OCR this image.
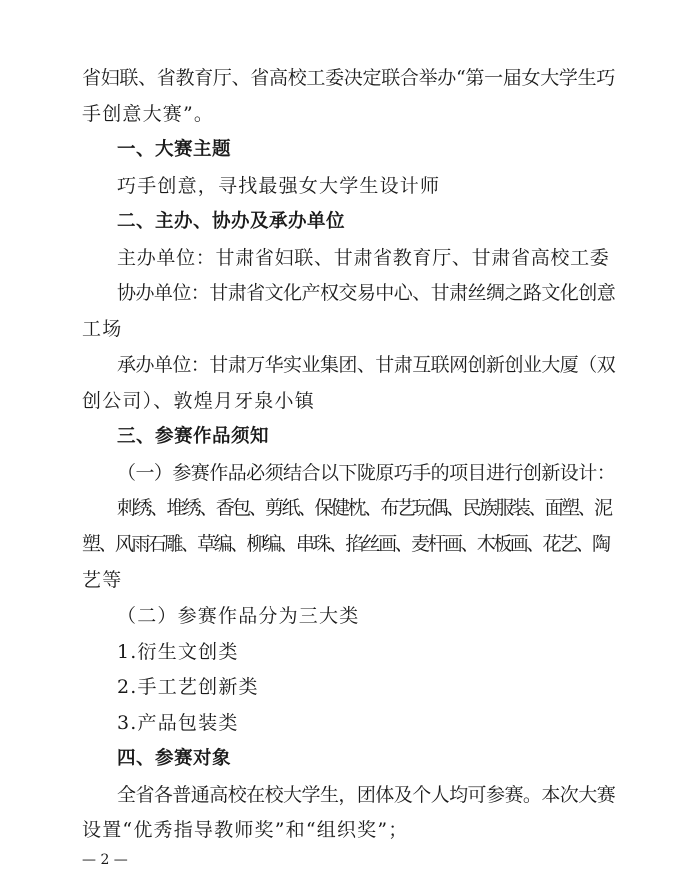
省妇联、省教育厅、省高校工委决定联合举办“第一届女大学生巧
手创意大赛”。
一、大赛主题
巧手创意，寻找最强女大学生设计师
二、主办、协办及承办单位
主办单位：甘肃省妇联、甘肃省教育厅、甘肃省高校工委
协办单位：甘肃省文化产权交易中心、甘肃丝绸之路文化创意
工场
承办单位：甘肃万华实业集团、甘肃互联网创新创业大厦（双
创公司）、敦煌月牙泉小镇
三、参赛作品须知
（一）参赛作品必须结合以下陇原巧手的项目进行创新设计：
刺绣、堆绣、香包、剪纸、保健枕、布艺玩偶、民族服装、面塑、泥
塑、风雨石雕、草编、柳编、串珠、掐丝画、麦杆画、木板画、花艺、陶
艺等
（二）参赛作品分为三大类
1.衍生文创类
2.手工艺创新类
3.产品包装类
四、参赛对象
全省各普通高校在校大学生，团体及个人均可参赛。本次大赛
设置“优秀指导教师奖”和“组织奖”；
— 2 —
